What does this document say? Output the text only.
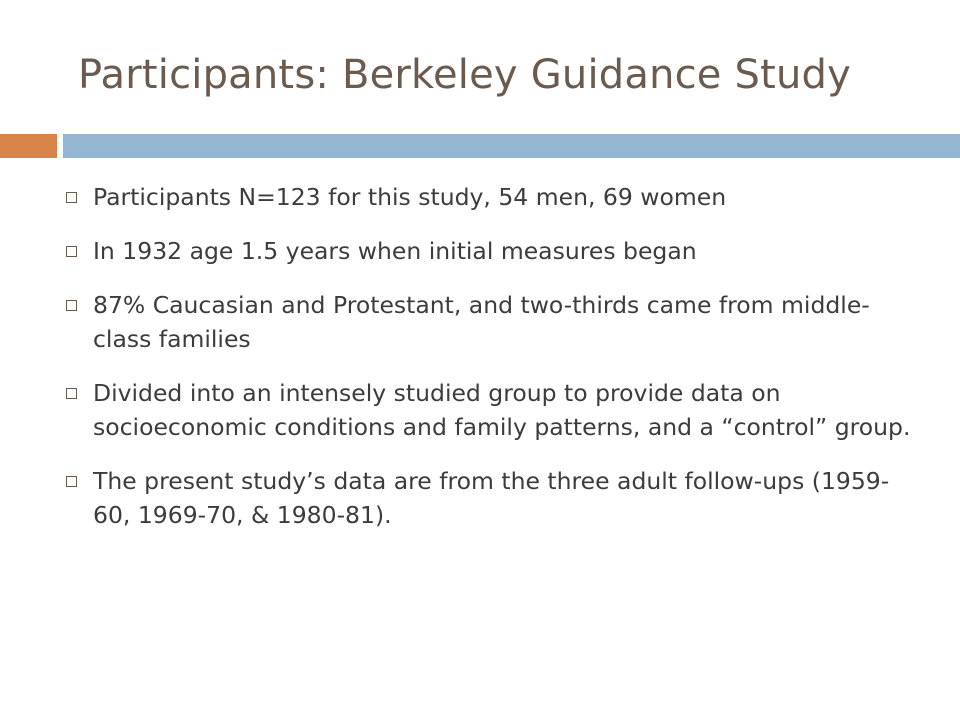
Participants: Berkeley Guidance Study
Participants N=123 for this study, 54 men, 69 women
In 1932 age 1.5 years when initial measures began
87% Caucasian and Protestant, and two-thirds came from middle-class families
Divided into an intensely studied group to provide data on socioeconomic conditions and family patterns, and a “control” group.
The present study’s data are from the three adult follow-ups (1959-60, 1969-70, & 1980-81).
